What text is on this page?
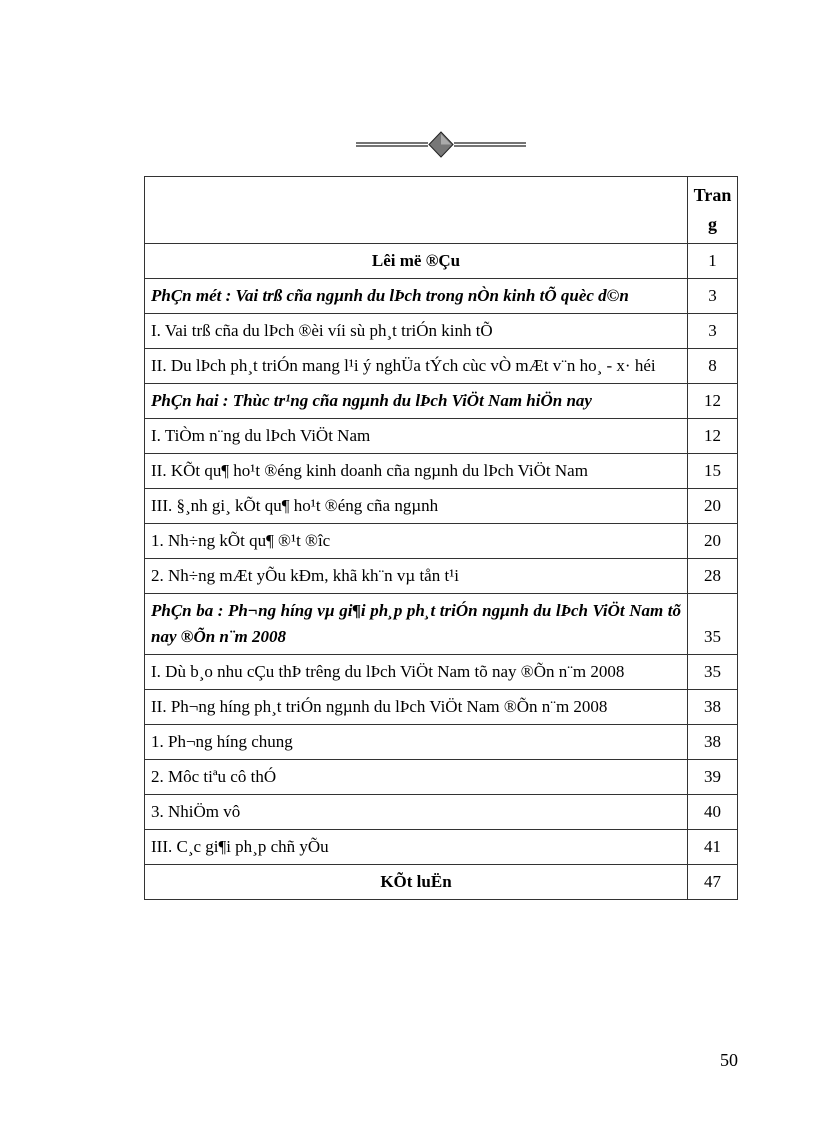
	Tran g
Lêi më ®Çu	1
PhÇn mét : Vai trß cña ngµnh du lÞch trong nÒn kinh tÕ quèc d©n	3
I. Vai trß cña du lÞch ®èi víi sù ph¸t triÓn kinh tÕ	3
II. Du lÞch ph¸t triÓn mang l¹i ý nghÜa tÝch cùc vÒ mÆt v¨n ho¸ - x· héi	8
PhÇn hai : Thùc tr¹ng cña ngµnh du lÞch ViÖt Nam hiÖn nay	12
I. TiÒm n¨ng du lÞch ViÖt Nam	12
II. KÕt qu¶ ho¹t ®éng kinh doanh cña ngµnh du lÞch ViÖt Nam	15
III. §¸nh gi¸ kÕt qu¶ ho¹t ®éng cña ngµnh	20
1. Nh÷ng kÕt qu¶ ®¹t ®îc	20
2. Nh÷ng mÆt yÕu kÐm, khã kh¨n vµ tån t¹i	28
PhÇn ba : Ph¬ng híng vµ gi¶i ph¸p ph¸t triÓn ngµnh du lÞch ViÖt Nam tõ nay ®Õn n¨m 2008	35
I. Dù b¸o nhu cÇu thÞ trêng du lÞch ViÖt Nam tõ nay ®Õn n¨m 2008	35
II. Ph¬ng híng ph¸t triÓn ngµnh du lÞch ViÖt Nam ®Õn n¨m 2008	38
1. Ph¬ng híng chung	38
2. Môc tiªu cô thÓ	39
3. NhiÖm vô	40
III. C¸c gi¶i ph¸p chñ yÕu	41
KÕt luËn	47
50
